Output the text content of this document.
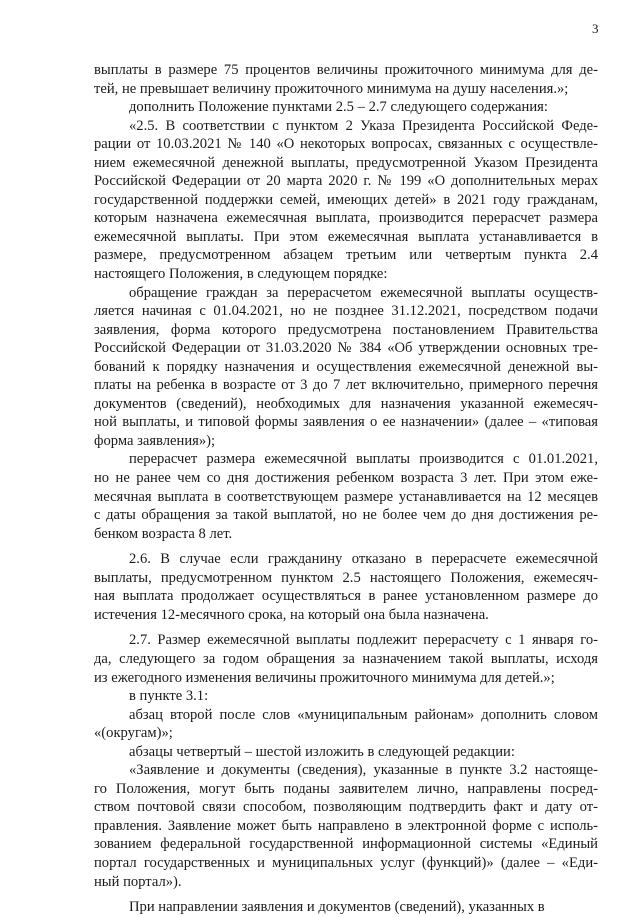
3
выплаты в размере 75 процентов величины прожиточного минимума для де-
тей, не превышает величину прожиточного минимума на душу населения.»;
дополнить Положение пунктами 2.5 – 2.7 следующего содержания:
«2.5. В соответствии с пунктом 2 Указа Президента Российской Феде-
рации от 10.03.2021 № 140 «О некоторых вопросах, связанных с осуществле-
нием ежемесячной денежной выплаты, предусмотренной Указом Президента
Российской Федерации от 20 марта 2020 г. № 199 «О дополнительных мерах
государственной поддержки семей, имеющих детей» в 2021 году гражданам,
которым назначена ежемесячная выплата, производится перерасчет размера
ежемесячной выплаты. При этом ежемесячная выплата устанавливается в
размере, предусмотренном абзацем третьим или четвертым пункта 2.4
настоящего Положения, в следующем порядке:
обращение граждан за перерасчетом ежемесячной выплаты осуществ-
ляется начиная с 01.04.2021, но не позднее 31.12.2021, посредством подачи
заявления, форма которого предусмотрена постановлением Правительства
Российской Федерации от 31.03.2020 № 384 «Об утверждении основных тре-
бований к порядку назначения и осуществления ежемесячной денежной вы-
платы на ребенка в возрасте от 3 до 7 лет включительно, примерного перечня
документов (сведений), необходимых для назначения указанной ежемесяч-
ной выплаты, и типовой формы заявления о ее назначении» (далее – «типовая
форма заявления»);
перерасчет размера ежемесячной выплаты производится с 01.01.2021,
но не ранее чем со дня достижения ребенком возраста 3 лет. При этом еже-
месячная выплата в соответствующем размере устанавливается на 12 месяцев
с даты обращения за такой выплатой, но не более чем до дня достижения ре-
бенком возраста 8 лет.
2.6. В случае если гражданину отказано в перерасчете ежемесячной
выплаты, предусмотренном пунктом 2.5 настоящего Положения, ежемесяч-
ная выплата продолжает осуществляться в ранее установленном размере до
истечения 12-месячного срока, на который она была назначена.
2.7. Размер ежемесячной выплаты подлежит перерасчету с 1 января го-
да, следующего за годом обращения за назначением такой выплаты, исходя
из ежегодного изменения величины прожиточного минимума для детей.»;
в пункте 3.1:
абзац второй после слов «муниципальным районам» дополнить словом
«(округам)»;
абзацы четвертый – шестой изложить в следующей редакции:
«Заявление и документы (сведения), указанные в пункте 3.2 настояще-
го Положения, могут быть поданы заявителем лично, направлены посред-
ством почтовой связи способом, позволяющим подтвердить факт и дату от-
правления. Заявление может быть направлено в электронной форме с исполь-
зованием федеральной государственной информационной системы «Единый
портал государственных и муниципальных услуг (функций)» (далее – «Еди-
ный портал»).
При направлении заявления и документов (сведений), указанных в
